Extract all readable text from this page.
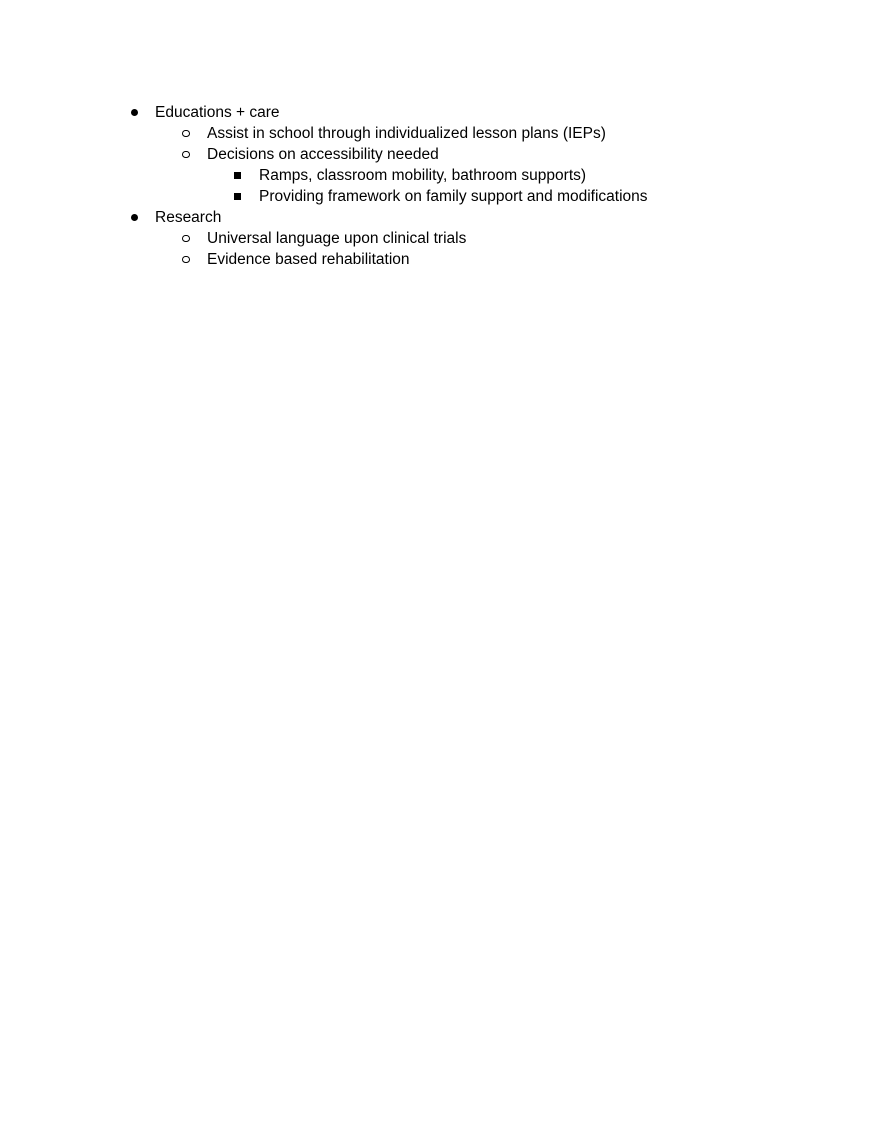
Educations + care
Assist in school through individualized lesson plans (IEPs)
Decisions on accessibility needed
Ramps, classroom mobility, bathroom supports)
Providing framework on family support and modifications
Research
Universal language upon clinical trials
Evidence based rehabilitation
